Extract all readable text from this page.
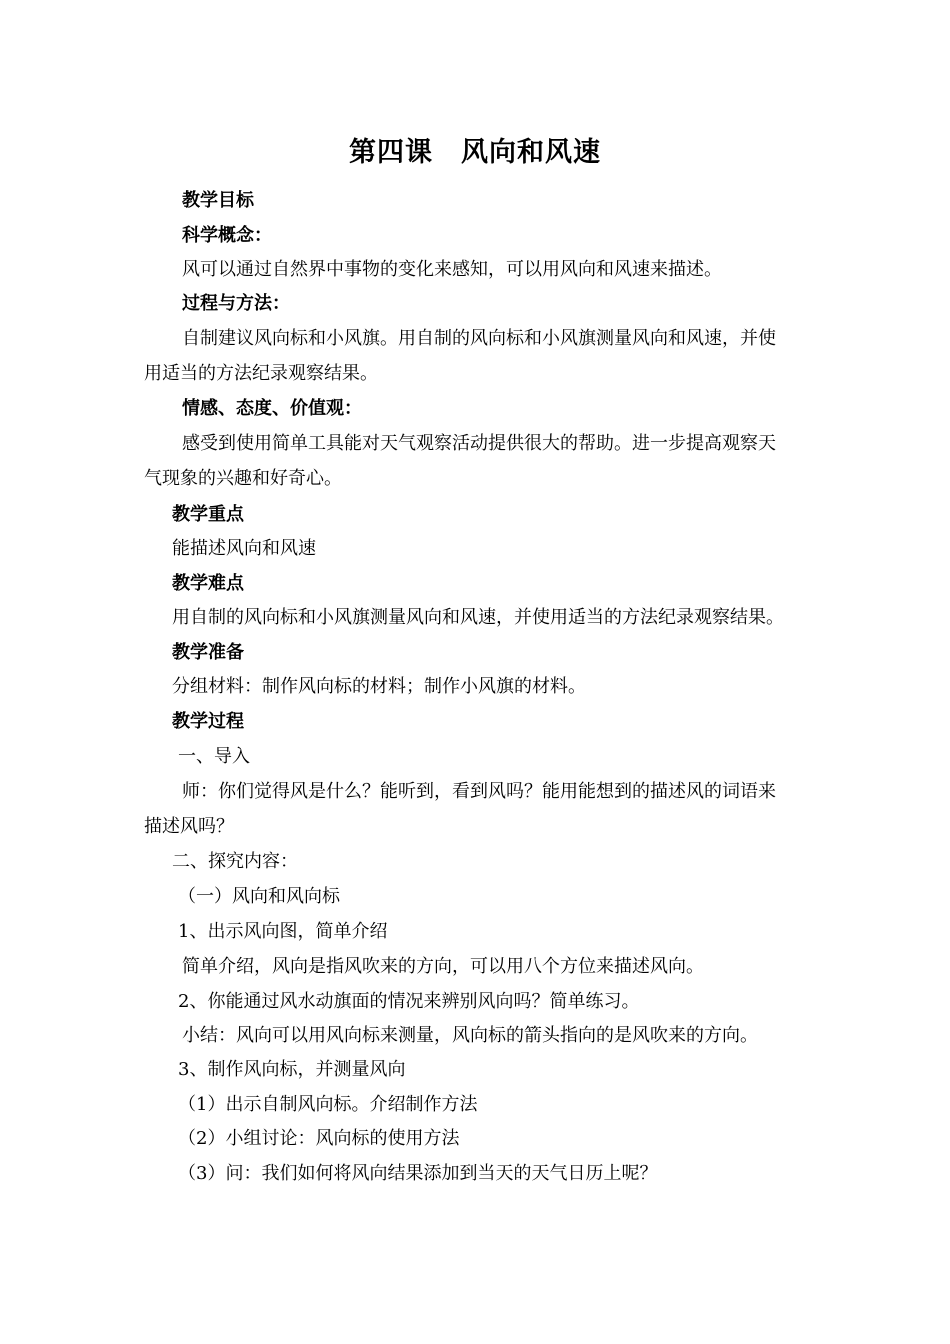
第四课　风向和风速
教学目标
科学概念：
风可以通过自然界中事物的变化来感知，可以用风向和风速来描述。
过程与方法：
自制建议风向标和小风旗。用自制的风向标和小风旗测量风向和风速，并使
用适当的方法纪录观察结果。
情感、态度、价值观：
感受到使用简单工具能对天气观察活动提供很大的帮助。进一步提高观察天
气现象的兴趣和好奇心。
教学重点
能描述风向和风速
教学难点
用自制的风向标和小风旗测量风向和风速，并使用适当的方法纪录观察结果。
教学准备
分组材料：制作风向标的材料；制作小风旗的材料。
教学过程
一、导入
师：你们觉得风是什么？能听到，看到风吗？能用能想到的描述风的词语来
描述风吗？
二、探究内容：
（一）风向和风向标
1、出示风向图，简单介绍
简单介绍，风向是指风吹来的方向，可以用八个方位来描述风向。
2、你能通过风水动旗面的情况来辨别风向吗？简单练习。
小结：风向可以用风向标来测量，风向标的箭头指向的是风吹来的方向。
3、制作风向标，并测量风向
（1）出示自制风向标。介绍制作方法
（2）小组讨论：风向标的使用方法
（3）问：我们如何将风向结果添加到当天的天气日历上呢？
